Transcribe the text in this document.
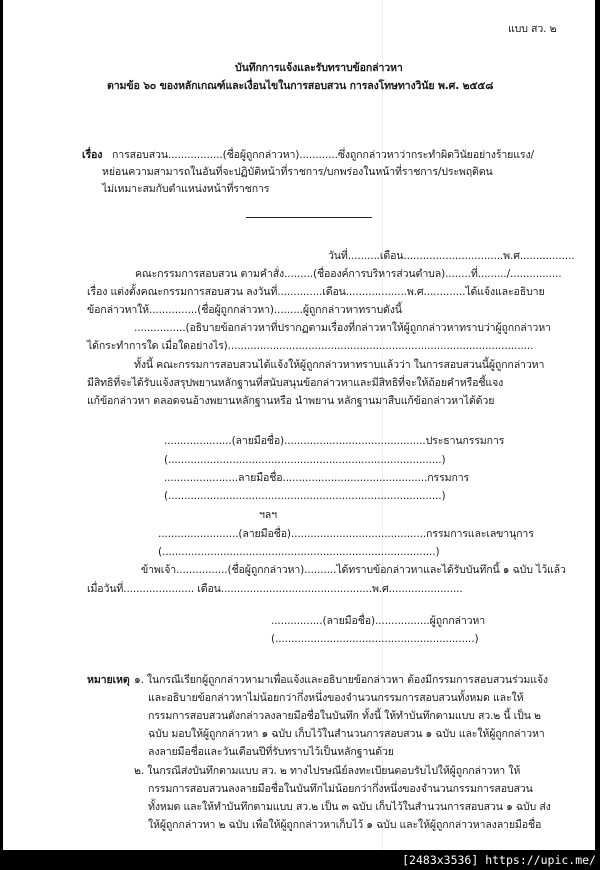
แบบ สว. ๒
บันทึกการแจ้งและรับทราบข้อกล่าวหา
ตามข้อ ๖๐ ของหลักเกณฑ์และเงื่อนไขในการสอบสวน การลงโทษทางวินัย พ.ศ. ๒๕๕๘
เรื่อง การสอบสวน.................(ชื่อผู้ถูกกล่าวหา)............ซึ่งถูกกล่าวหาว่ากระทำผิดวินัยอย่างร้ายแรง/
หย่อนความสามารถในอันที่จะปฏิบัติหน้าที่ราชการ/บกพร่องในหน้าที่ราชการ/ประพฤติตน
ไม่เหมาะสมกับตำแหน่งหน้าที่ราชการ
วันที่..........เดือน...............................พ.ศ.................
คณะกรรมการสอบสวน ตามคำสั่ง.........(ชื่อองค์การบริหารส่วนตำบล)........ที่........./................
เรื่อง แต่งตั้งคณะกรรมการสอบสวน ลงวันที่..............เดือน...................พ.ศ.............ได้แจ้งและอธิบาย
ข้อกล่าวหาให้...............(ชื่อผู้ถูกกล่าวหา).........ผู้ถูกกล่าวหาทราบดังนี้
................(อธิบายข้อกล่าวหาที่ปรากฏตามเรื่องที่กล่าวหาให้ผู้ถูกกล่าวหาทราบว่าผู้ถูกกล่าวหา
ได้กระทำการใด เมื่อใดอย่างไร)...............................................................................................
ทั้งนี้ คณะกรรมการสอบสวนได้แจ้งให้ผู้ถูกกล่าวหาทราบแล้วว่า ในการสอบสวนนี้ผู้ถูกกล่าวหา
มีสิทธิที่จะได้รับแจ้งสรุปพยานหลักฐานที่สนับสนุนข้อกล่าวหาและมีสิทธิที่จะให้ถ้อยคำหรือชี้แจง
แก้ข้อกล่าวหา ตลอดจนอ้างพยานหลักฐานหรือ นำพยาน หลักฐานมาสืบแก้ข้อกล่าวหาได้ด้วย
.....................(ลายมือชื่อ)............................................ประธานกรรมการ
(.....................................................................................)
.......................ลายมือชื่อ.............................................กรรมการ
(.....................................................................................)
ฯลฯ
.........................(ลายมือชื่อ)..........................................กรรมการและเลขานุการ
(.....................................................................................)
ข้าพเจ้า................(ชื่อผู้ถูกกล่าวหา)..........ได้ทราบข้อกล่าวหาและได้รับบันทึกนี้ ๑ ฉบับ ไว้แล้ว
เมื่อวันที่...................... เดือน...............................................พ.ศ.......................
................(ลายมือชื่อ).................ผู้ถูกกล่าวหา
(..............................................................)
หมายเหตุ ๑. ในกรณีเรียกผู้ถูกกล่าวหามาเพื่อแจ้งและอธิบายข้อกล่าวหา ต้องมีกรรมการสอบสวนร่วมแจ้ง
และอธิบายข้อกล่าวหาไม่น้อยกว่ากึ่งหนึ่งของจำนวนกรรมการสอบสวนทั้งหมด และให้
กรรมการสอบสวนดังกล่าวลงลายมือชื่อในบันทึก ทั้งนี้ ให้ทำบันทึกตามแบบ สว.๒ นี้ เป็น ๒
ฉบับ มอบให้ผู้ถูกกล่าวหา ๑ ฉบับ เก็บไว้ในสำนวนการสอบสวน ๑ ฉบับ และให้ผู้ถูกกล่าวหา
ลงลายมือชื่อและวันเดือนปีที่รับทราบไว้เป็นหลักฐานด้วย
๒. ในกรณีส่งบันทึกตามแบบ สว. ๒ ทางไปรษณีย์ลงทะเบียนตอบรับไปให้ผู้ถูกกล่าวหา ให้
กรรมการสอบสวนลงลายมือชื่อในบันทึกไม่น้อยกว่ากึ่งหนึ่งของจำนวนกรรมการสอบสวน
ทั้งหมด และให้ทำบันทึกตามแบบ สว.๒ เป็น ๓ ฉบับ เก็บไว้ในสำนวนการสอบสวน ๑ ฉบับ ส่ง
ให้ผู้ถูกกล่าวหา ๒ ฉบับ เพื่อให้ผู้ถูกกล่าวหาเก็บไว้ ๑ ฉบับ และให้ผู้ถูกกล่าวหาลงลายมือชื่อ
[2483x3536] https://upic.me/
